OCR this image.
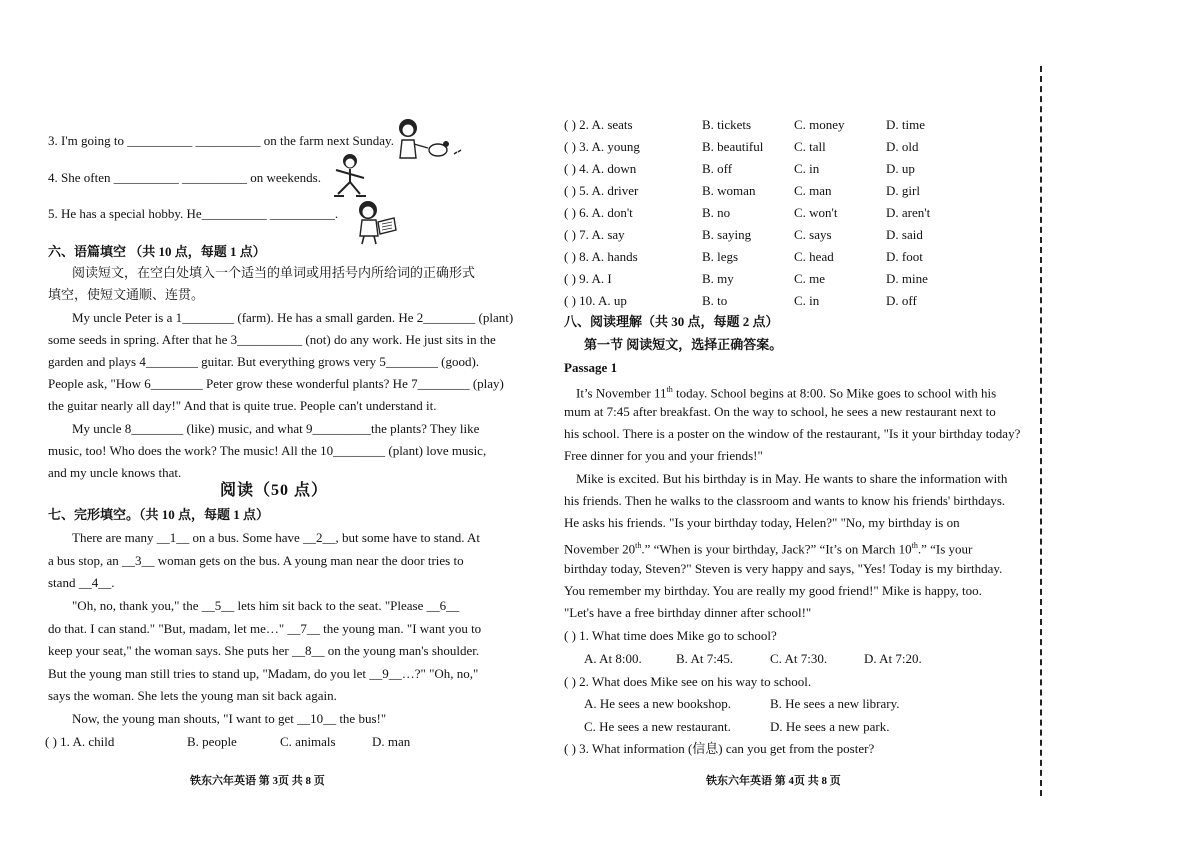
3. I'm going to __________ __________ on the farm next Sunday.

4. She often __________ __________ on weekends.

5. He has a special hobby. He__________ __________.

六、语篇填空 （共 10 点，每题 1 点）

阅读短文，在空白处填入一个适当的单词或用括号内所给词的正确形式

填空，使短文通顺、连贯。

My uncle Peter is a 1________ (farm). He has a small garden. He 2________ (plant)

some seeds in spring. After that he 3__________ (not) do any work. He just sits in the

garden and plays 4________ guitar. But everything grows very 5________ (good).

People ask, "How 6________ Peter grow these wonderful plants? He 7________ (play)

the guitar nearly all day!" And that is quite true. People can't understand it.

My uncle 8________ (like) music, and what 9_________the plants? They like

music, too! Who does the work? The music! All the 10________ (plant) love music,

and my uncle knows that.

阅读（50 点）

七、完形填空。（共 10 点，每题 1 点）

There are many __1__ on a bus. Some have __2__, but some have to stand. At

a bus stop, an __3__ woman gets on the bus. A young man near the door tries to

stand __4__.

"Oh, no, thank you," the __5__ lets him sit back to the seat. "Please __6__

do that. I can stand." "But, madam, let me…" __7__ the young man. "I want you to

keep your seat," the woman says. She puts her __8__ on the young man's shoulder.

But the young man still tries to stand up, "Madam, do you let __9__…?" "Oh, no,"

says the woman. She lets the young man sit back again.

Now, the young man shouts, "I want to get __10__ the bus!"

( ) 1. A. child	B. people	C. animals	D. man

铁东六年英语 第 3页 共 8 页

( ) 2. A. seats	B. tickets	C. money	D. time
( ) 3. A. young	B. beautiful C. tall	D. old
( ) 4. A. down	B. off	C. in	D. up
( ) 5. A. driver	B. woman	C. man	D. girl
( ) 6. A. don't	B. no	C. won't	D. aren't
( ) 7. A. say	B. saying	C. says	D. said
( ) 8. A. hands	B. legs	C. head	D. foot
( ) 9. A. I	B. my	C. me	D. mine
( ) 10. A. up	B. to	C. in	D. off

八、阅读理解（共 30 点，每题 2 点）

第一节 阅读短文，选择正确答案。

Passage 1

It’s November 11th today. School begins at 8:00. So Mike goes to school with his

mum at 7:45 after breakfast. On the way to school, he sees a new restaurant next to

his school. There is a poster on the window of the restaurant, "Is it your birthday today?

Free dinner for you and your friends!"

Mike is excited. But his birthday is in May. He wants to share the information with

his friends. Then he walks to the classroom and wants to know his friends' birthdays.

He asks his friends. "Is your birthday today, Helen?" "No, my birthday is on

November 20th.” “When is your birthday, Jack?” “It’s on March 10th.” “Is your

birthday today, Steven?" Steven is very happy and says, "Yes! Today is my birthday.

You remember my birthday. You are really my good friend!" Mike is happy, too.

"Let's have a free birthday dinner after school!"

( ) 1. What time does Mike go to school?

A. At 8:00.	B. At 7:45.	C. At 7:30.	D. At 7:20.

( ) 2. What does Mike see on his way to school.

A. He sees a new bookshop.	B. He sees a new library.
C. He sees a new restaurant.	D. He sees a new park.

( ) 3. What information (信息) can you get from the poster?

铁东六年英语 第 4页 共 8 页
